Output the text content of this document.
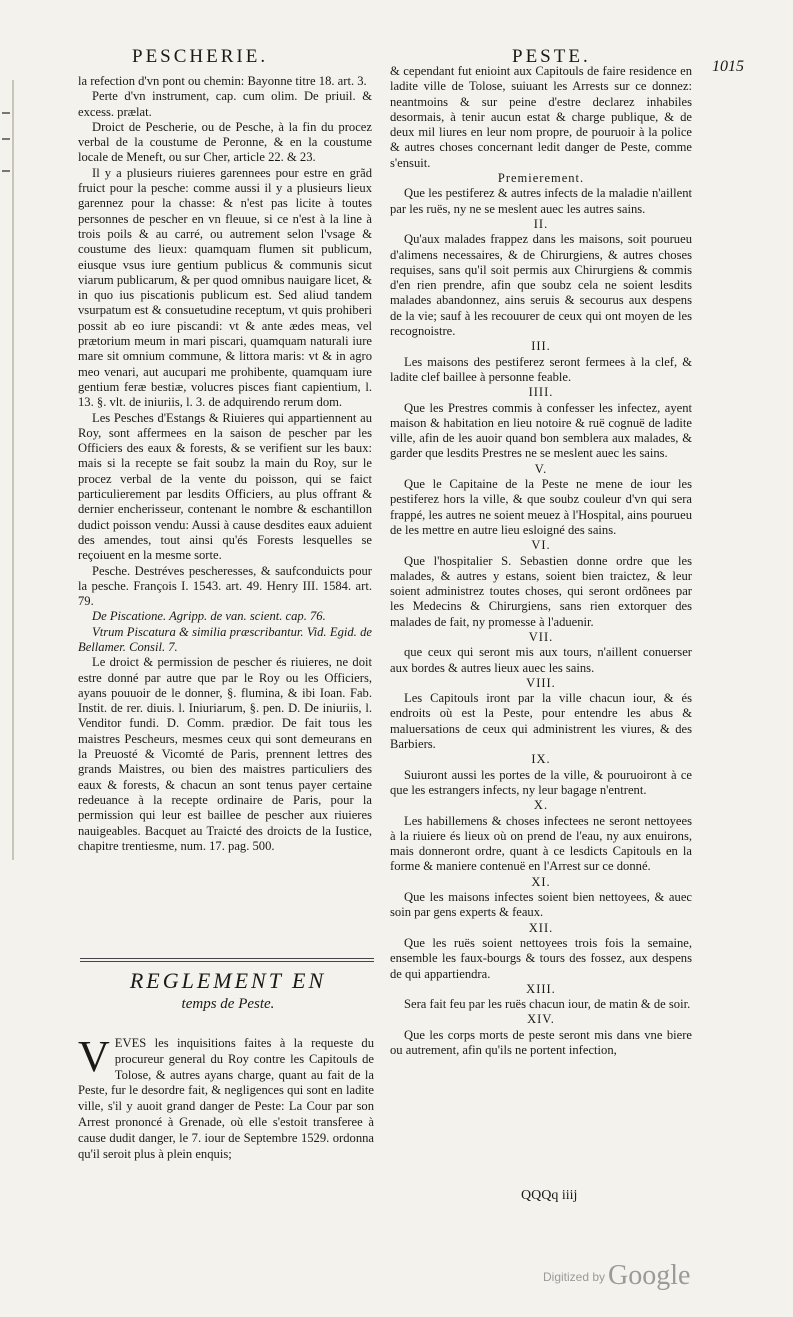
PESCHERIE.	PESTE.	1015

la refection d'vn pont ou chemin: Bayonne titre 18. art. 3.

Perte d'vn instrument, cap. cum olim. De priuil. & excess. prælat.

Droict de Pescherie, ou de Pesche, à la fin du procez verbal de la coustume de Peronne, & en la coustume locale de Meneft, ou sur Cher, article 22. & 23.

Il y a plusieurs riuieres garennees pour estre en grãd fruict pour la pesche: comme aussi il y a plusieurs lieux garennez pour la chasse: & n'est pas licite à toutes personnes de pescher en vn fleuue, si ce n'est à la line à trois poils & au carré, ou autrement selon l'vsage & coustume des lieux: quamquam flumen sit publicum, eiusque vsus iure gentium publicus & communis sicut viarum publicarum, & per quod omnibus nauigare licet, & in quo ius piscationis publicum est. Sed aliud tandem vsurpatum est & consuetudine receptum, vt quis prohiberi possit ab eo iure piscandi: vt & ante ædes meas, vel prætorium meum in mari piscari, quamquam naturali iure mare sit omnium commune, & littora maris: vt & in agro meo venari, aut aucupari me prohibente, quamquam iure gentium feræ bestiæ, volucres pisces fiant capientium, l. 13. §. vlt. de iniuriis, l. 3. de adquirendo rerum dom.

Les Pesches d'Estangs & Riuieres qui appartiennent au Roy, sont affermees en la saison de pescher par les Officiers des eaux & forests, & se verifient sur les baux: mais si la recepte se fait soubz la main du Roy, sur le procez verbal de la vente du poisson, qui se faict particulierement par lesdits Officiers, au plus offrant & dernier encherisseur, contenant le nombre & eschantillon dudict poisson vendu: Aussi à cause desdites eaux aduient des amendes, tout ainsi qu'és Forests lesquelles se reçoiuent en la mesme sorte.

Pesche. Destréves pescheresses, & saufconduicts pour la pesche. François I. 1543. art. 49. Henry III. 1584. art. 79.

De Piscatione. Agripp. de van. scient. cap. 76.

Vtrum Piscatura & similia præscribantur. Vid. Egid. de Bellamer. Consil. 7.

Le droict & permission de pescher és riuieres, ne doit estre donné par autre que par le Roy ou les Officiers, ayans pouuoir de le donner, §. flumina, & ibi Ioan. Fab. Instit. de rer. diuis. l. Iniuriarum, §. pen. D. De iniuriis, l. Venditor fundi. D. Comm. prædior. De fait tous les maistres Pescheurs, mesmes ceux qui sont demeurans en la Preuosté & Vicomté de Paris, prennent lettres des grands Maistres, ou bien des maistres particuliers des eaux & forests, & chacun an sont tenus payer certaine redeuance à la recepte ordinaire de Paris, pour la permission qui leur est baillee de pescher aux riuieres nauigeables. Bacquet au Traicté des droicts de la Iustice, chapitre trentiesme, num. 17. pag. 500.

REGLEMENT EN
temps de Peste.
V EVES les inquisitions faites à la requeste du procureur general du Roy contre les Capitouls de Tolose, & autres ayans charge, quant au fait de la Peste, fur le desordre fait, & negligences qui sont en ladite ville, s'il y auoit grand danger de Peste: La Cour par son Arrest prononcé à Grenade, où elle s'estoit transferee à cause dudit danger, le 7. iour de Septembre 1529. ordonna qu'il seroit plus à plein enquis;

& cependant fut enioint aux Capitouls de faire residence en ladite ville de Tolose, suiuant les Arrests sur ce donnez: neantmoins & sur peine d'estre declarez inhabiles desormais, à tenir aucun estat & charge publique, & de deux mil liures en leur nom propre, de pouruoir à la police & autres choses concernant ledit danger de Peste, comme s'ensuit.

Premierement.

Que les pestiferez & autres infects de la maladie n'aillent par les ruës, ny ne se meslent auec les autres sains.

II.

Qu'aux malades frappez dans les maisons, soit pourueu d'alimens necessaires, & de Chirurgiens, & autres choses requises, sans qu'il soit permis aux Chirurgiens & commis d'en rien prendre, afin que soubz cela ne soient lesdits malades abandonnez, ains seruis & secourus aux despens de la vie; sauf à les recouurer de ceux qui ont moyen de les recognoistre.

III.

Les maisons des pestiferez seront fermees à la clef, & ladite clef baillee à personne feable.

IIII.

Que les Prestres commis à confesser les infectez, ayent maison & habitation en lieu notoire & ruë cognuë de ladite ville, afin de les auoir quand bon semblera aux malades, & garder que lesdits Prestres ne se meslent auec les sains.

V.

Que le Capitaine de la Peste ne mene de iour les pestiferez hors la ville, & que soubz couleur d'vn qui sera frappé, les autres ne soient meuez à l'Hospital, ains pourueu de les mettre en autre lieu esloigné des sains.

VI.

Que l'hospitalier S. Sebastien donne ordre que les malades, & autres y estans, soient bien traictez, & leur soient administrez toutes choses, qui seront ordõnees par les Medecins & Chirurgiens, sans rien extorquer des malades de fait, ny promesse à l'aduenir.

VII.

que ceux qui seront mis aux tours, n'aillent conuerser aux bordes & autres lieux auec les sains.

VIII.

Les Capitouls iront par la ville chacun iour, & és endroits où est la Peste, pour entendre les abus & maluersations de ceux qui administrent les viures, & des Barbiers.

IX.

Suiuront aussi les portes de la ville, & pouruoiront à ce que les estrangers infects, ny leur bagage n'entrent.

X.

Les habillemens & choses infectees ne seront nettoyees à la riuiere és lieux où on prend de l'eau, ny aux enuirons, mais donneront ordre, quant à ce lesdicts Capitouls en la forme & maniere contenuë en l'Arrest sur ce donné.

XI.

Que les maisons infectes soient bien nettoyees, & auec soin par gens experts & feaux.

XII.

Que les ruës soient nettoyees trois fois la semaine, ensemble les faux-bourgs & tours des fossez, aux despens de qui appartiendra.

XIII.

Sera fait feu par les ruës chacun iour, de matin & de soir.

XIV.

Que les corps morts de peste seront mis dans vne biere ou autrement, afin qu'ils ne portent infection,

QQQq iiij
Digitized by Google
